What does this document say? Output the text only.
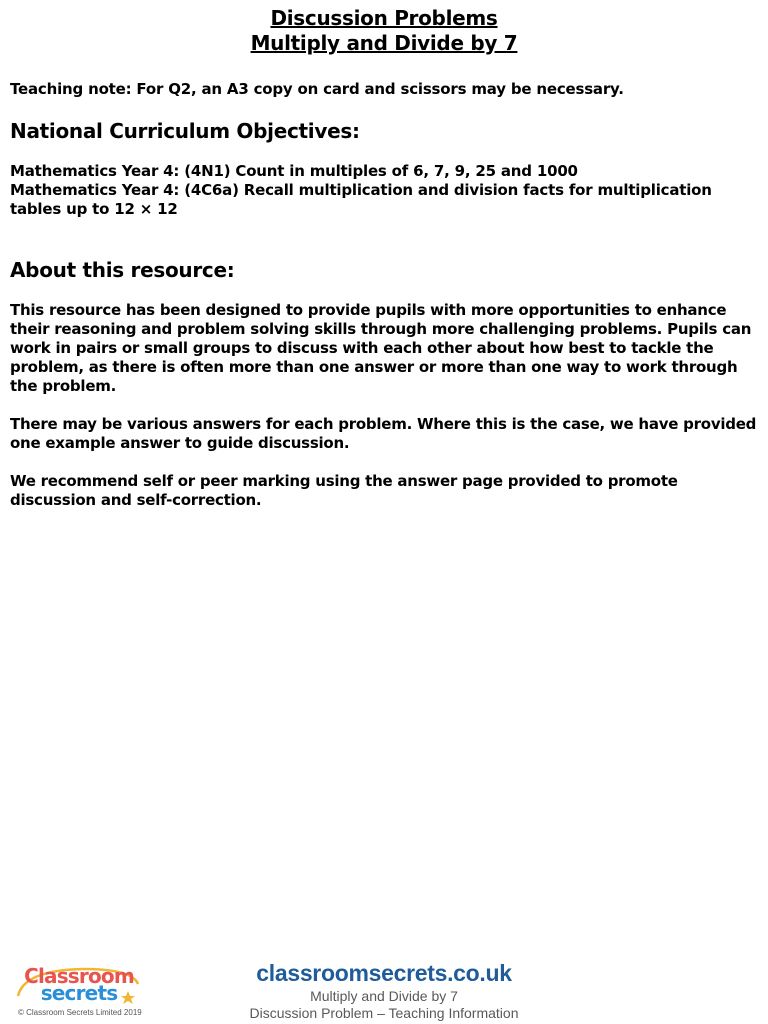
Discussion Problems
Multiply and Divide by 7

Teaching note: For Q2, an A3 copy on card and scissors may be necessary.

National Curriculum Objectives:
Mathematics Year 4: (4N1) Count in multiples of 6, 7, 9, 25 and 1000
Mathematics Year 4: (4C6a) Recall multiplication and division facts for multiplication tables up to 12 × 12
About this resource:

This resource has been designed to provide pupils with more opportunities to enhance their reasoning and problem solving skills through more challenging problems. Pupils can work in pairs or small groups to discuss with each other about how best to tackle the problem, as there is often more than one answer or more than one way to work through the problem.

There may be various answers for each problem. Where this is the case, we have provided one example answer to guide discussion.

We recommend self or peer marking using the answer page provided to promote discussion and self-correction.

Classroom
secrets
© Classroom Secrets Limited 2019
classroomsecrets.co.uk
Multiply and Divide by 7
Discussion Problem – Teaching Information
